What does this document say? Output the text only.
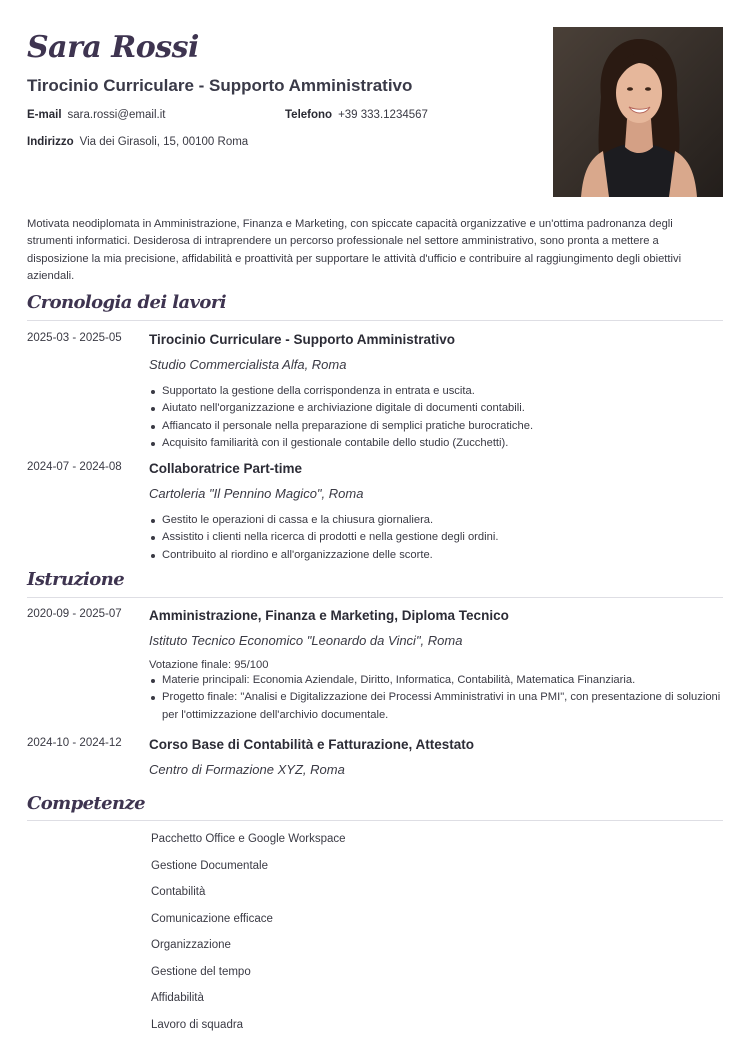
Sara Rossi
Tirocinio Curriculare - Supporto Amministrativo
E-mail sara.rossi@email.it	Telefono +39 333.1234567
Indirizzo Via dei Girasoli, 15, 00100 Roma
Motivata neodiplomata in Amministrazione, Finanza e Marketing, con spiccate capacità organizzative e un'ottima padronanza degli strumenti informatici. Desiderosa di intraprendere un percorso professionale nel settore amministrativo, sono pronta a mettere a disposizione la mia precisione, affidabilità e proattività per supportare le attività d'ufficio e contribuire al raggiungimento degli obiettivi aziendali.
Cronologia dei lavori
2025-03 - 2025-05 Tirocinio Curriculare - Supporto Amministrativo
Studio Commercialista Alfa, Roma
Supportato la gestione della corrispondenza in entrata e uscita.
Aiutato nell'organizzazione e archiviazione digitale di documenti contabili.
Affiancato il personale nella preparazione di semplici pratiche burocratiche.
Acquisito familiarità con il gestionale contabile dello studio (Zucchetti).
2024-07 - 2024-08 Collaboratrice Part-time
Cartoleria "Il Pennino Magico", Roma
Gestito le operazioni di cassa e la chiusura giornaliera.
Assistito i clienti nella ricerca di prodotti e nella gestione degli ordini.
Contribuito al riordino e all'organizzazione delle scorte.
Istruzione
2020-09 - 2025-07 Amministrazione, Finanza e Marketing, Diploma Tecnico
Istituto Tecnico Economico "Leonardo da Vinci", Roma
Votazione finale: 95/100
Materie principali: Economia Aziendale, Diritto, Informatica, Contabilità, Matematica Finanziaria.
Progetto finale: "Analisi e Digitalizzazione dei Processi Amministrativi in una PMI", con presentazione di soluzioni per l'ottimizzazione dell'archivio documentale.
2024-10 - 2024-12 Corso Base di Contabilità e Fatturazione, Attestato
Centro di Formazione XYZ, Roma
Competenze
Pacchetto Office e Google Workspace
Gestione Documentale
Contabilità
Comunicazione efficace
Organizzazione
Gestione del tempo
Affidabilità
Lavoro di squadra
